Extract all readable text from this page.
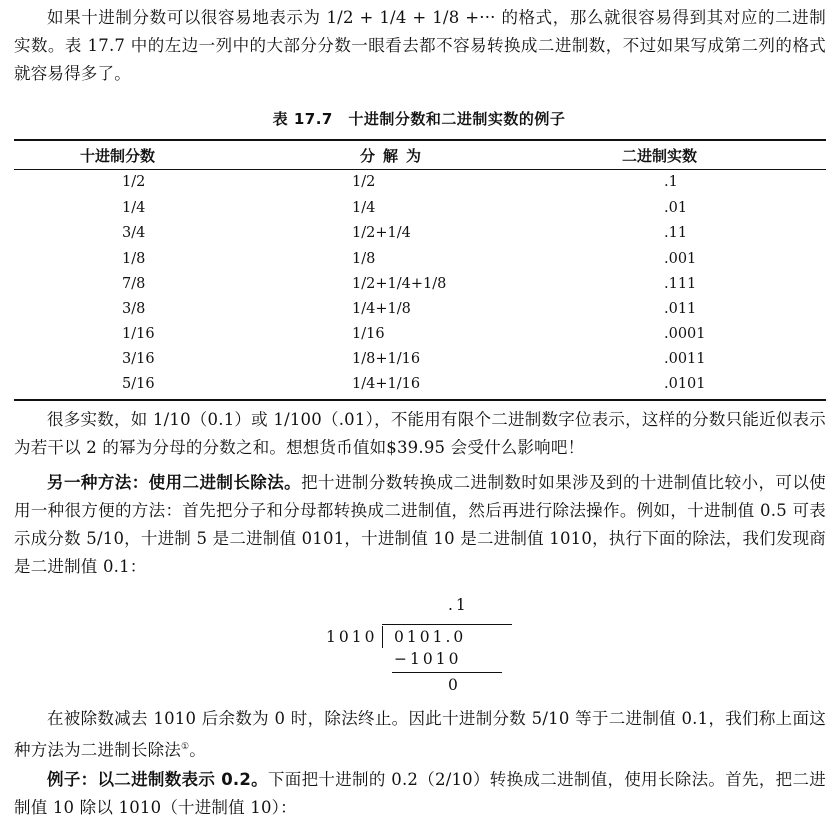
如果十进制分数可以很容易地表示为 1/2 + 1/4 + 1/8 +··· 的格式，那么就很容易得到其对应的二进制实数。表 17.7 中的左边一列中的大部分分数一眼看去都不容易转换成二进制数，不过如果写成第二列的格式就容易得多了。

表 17.7　十进制分数和二进制实数的例子
十进制分数	分解为	二进制实数
1/2	1/2	.1
1/4	1/4	.01
3/4	1/2+1/4	.11
1/8	1/8	.001
7/8	1/2+1/4+1/8	.111
3/8	1/4+1/8	.011
1/16	1/16	.0001
3/16	1/8+1/16	.0011
5/16	1/4+1/16	.0101

很多实数，如 1/10（0.1）或 1/100（.01），不能用有限个二进制数字位表示，这样的分数只能近似表示为若干以 2 的幂为分母的分数之和。想想货币值如$39.95 会受什么影响吧！

另一种方法：使用二进制长除法。把十进制分数转换成二进制数时如果涉及到的十进制值比较小，可以使用一种很方便的方法：首先把分子和分母都转换成二进制值，然后再进行除法操作。例如，十进制值 0.5 可表示成分数 5/10，十进制 5 是二进制值 0101，十进制值 10 是二进制值 1010，执行下面的除法，我们发现商是二进制值 0.1：

.1
1010 0101.0
−1010
0

在被除数减去 1010 后余数为 0 时，除法终止。因此十进制分数 5/10 等于二进制值 0.1，我们称上面这种方法为二进制长除法①。

例子：以二进制数表示 0.2。下面把十进制的 0.2（2/10）转换成二进制值，使用长除法。首先，把二进制值 10 除以 1010（十进制值 10）：
